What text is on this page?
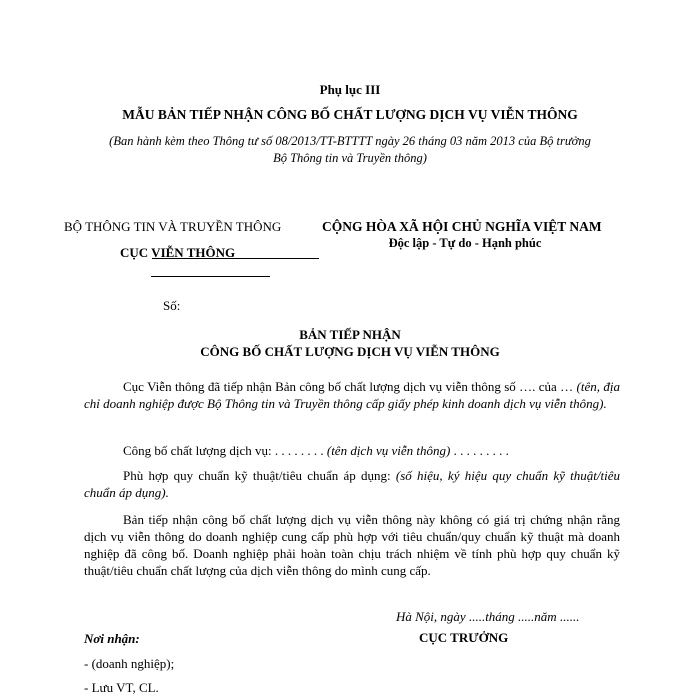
Phụ lục III
MẪU BẢN TIẾP NHẬN CÔNG BỐ CHẤT LƯỢNG DỊCH VỤ VIỄN THÔNG
(Ban hành kèm theo Thông tư số 08/2013/TT-BTTTT ngày 26 tháng 03 năm 2013 của Bộ trưởng
Bộ Thông tin và Truyền thông)
BỘ THÔNG TIN VÀ TRUYỀN THÔNG
CỤC VIỄN THÔNG
CỘNG HÒA XÃ HỘI CHỦ NGHĨA VIỆT NAM
Độc lập - Tự do - Hạnh phúc
Số:
BẢN TIẾP NHẬN
CÔNG BỐ CHẤT LƯỢNG DỊCH VỤ VIỄN THÔNG
Cục Viễn thông đã tiếp nhận Bản công bố chất lượng dịch vụ viễn thông số …. của … (tên, địa chỉ doanh nghiệp được Bộ Thông tin và Truyền thông cấp giấy phép kinh doanh dịch vụ viễn thông).
Công bố chất lượng dịch vụ: . . . . . . . . (tên dịch vụ viễn thông) . . . . . . . . .
Phù hợp quy chuẩn kỹ thuật/tiêu chuẩn áp dụng: (số hiệu, ký hiệu quy chuẩn kỹ thuật/tiêu chuẩn áp dụng).
Bản tiếp nhận công bố chất lượng dịch vụ viễn thông này không có giá trị chứng nhận rằng dịch vụ viễn thông do doanh nghiệp cung cấp phù hợp với tiêu chuẩn/quy chuẩn kỹ thuật mà doanh nghiệp đã công bố. Doanh nghiệp phải hoàn toàn chịu trách nhiệm về tính phù hợp quy chuẩn kỹ thuật/tiêu chuẩn chất lượng của dịch viễn thông do mình cung cấp.
Hà Nội, ngày .....tháng .....năm ......
CỤC TRƯỞNG
Nơi nhận:
- (doanh nghiệp);
- Lưu VT, CL.
